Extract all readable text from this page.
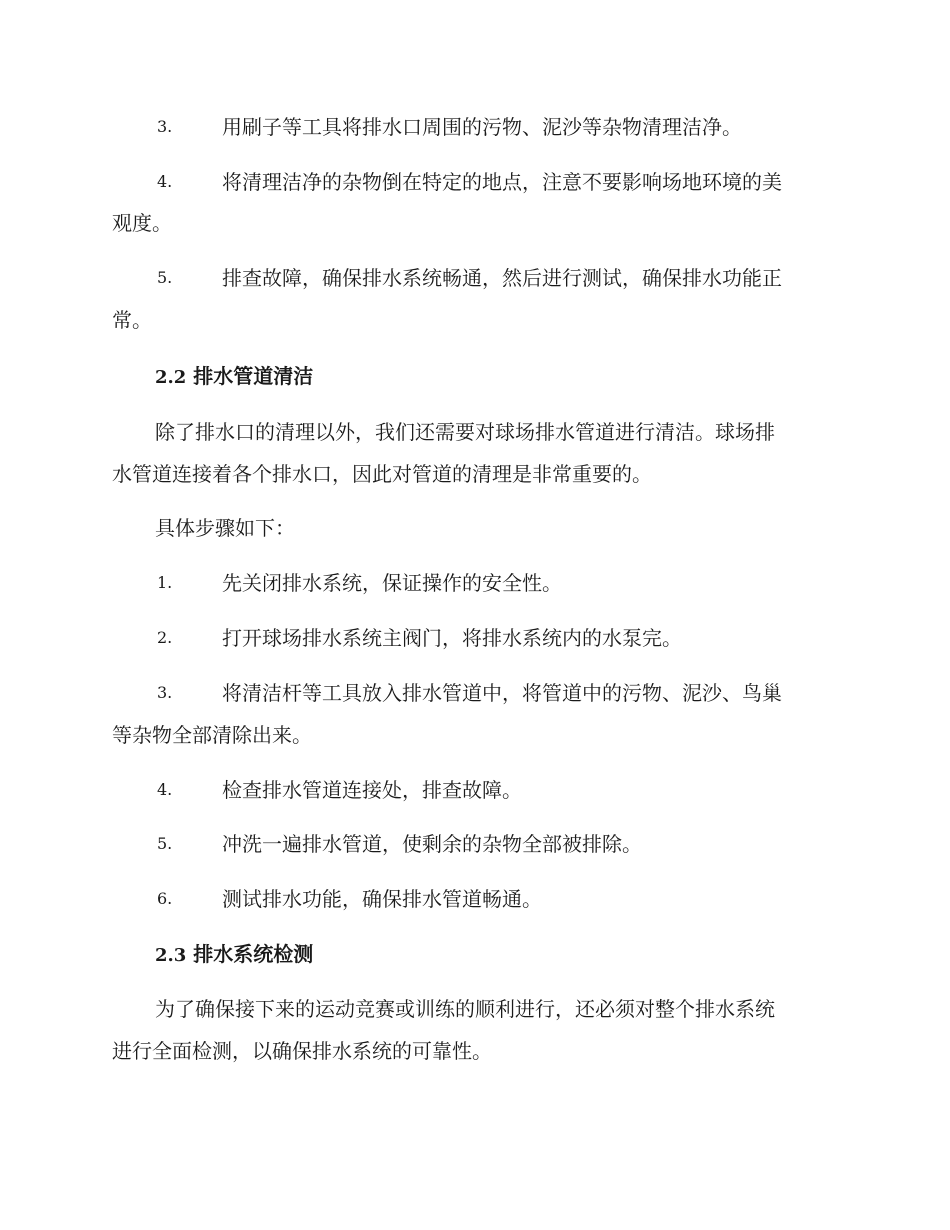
3. 用刷子等工具将排水口周围的污物、泥沙等杂物清理洁净。
4. 将清理洁净的杂物倒在特定的地点，注意不要影响场地环境的美
观度。
5. 排查故障，确保排水系统畅通，然后进行测试，确保排水功能正
常。
2.2 排水管道清洁
除了排水口的清理以外，我们还需要对球场排水管道进行清洁。球场排
水管道连接着各个排水口，因此对管道的清理是非常重要的。
具体步骤如下：
1. 先关闭排水系统，保证操作的安全性。
2. 打开球场排水系统主阀门，将排水系统内的水泵完。
3. 将清洁杆等工具放入排水管道中，将管道中的污物、泥沙、鸟巢
等杂物全部清除出来。
4. 检查排水管道连接处，排查故障。
5. 冲洗一遍排水管道，使剩余的杂物全部被排除。
6. 测试排水功能，确保排水管道畅通。
2.3 排水系统检测
为了确保接下来的运动竞赛或训练的顺利进行，还必须对整个排水系统
进行全面检测，以确保排水系统的可靠性。
